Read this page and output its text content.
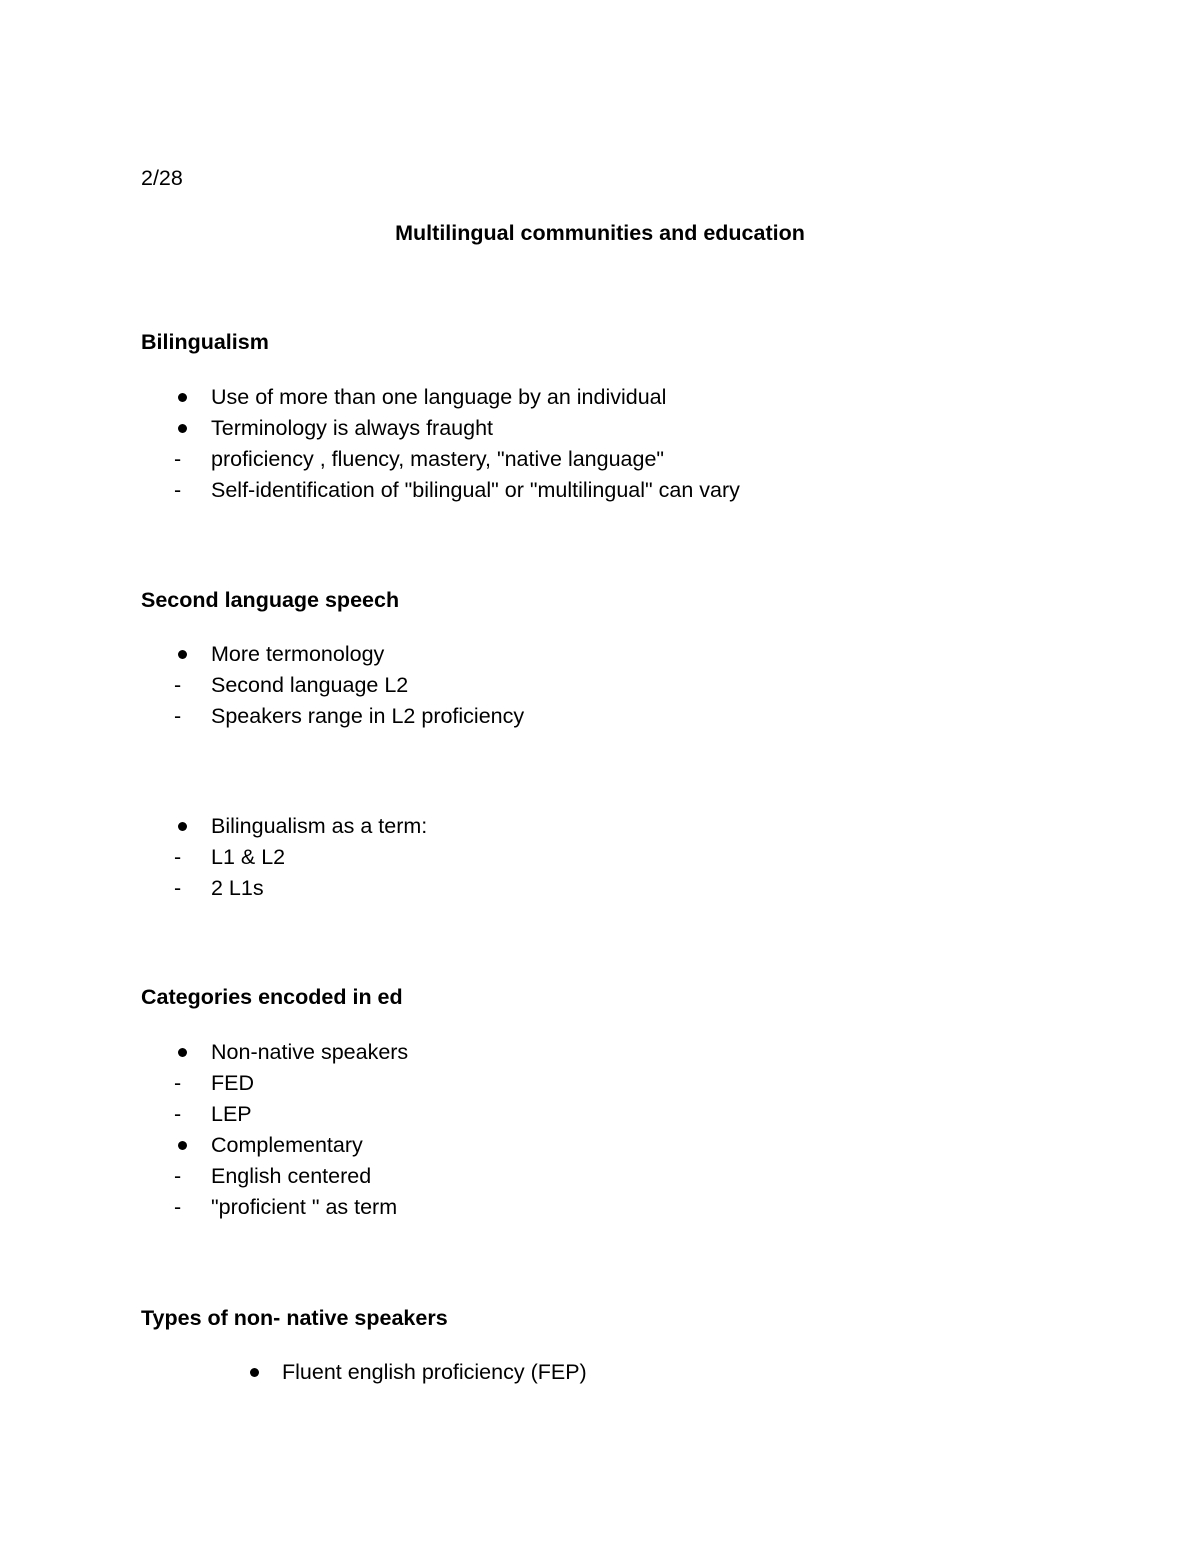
2/28
Multilingual communities and education
Bilingualism
Use of more than one language by an individual
Terminology is always fraught
- proficiency , fluency, mastery, "native language"
- Self-identification of "bilingual" or "multilingual" can vary
Second language speech
More termonology
- Second language L2
- Speakers range in L2 proficiency
Bilingualism as a term:
- L1 & L2
- 2 L1s
Categories encoded in ed
Non-native speakers
- FED
- LEP
Complementary
- English centered
- "proficient " as term
Types of non- native speakers
Fluent english proficiency (FEP)
